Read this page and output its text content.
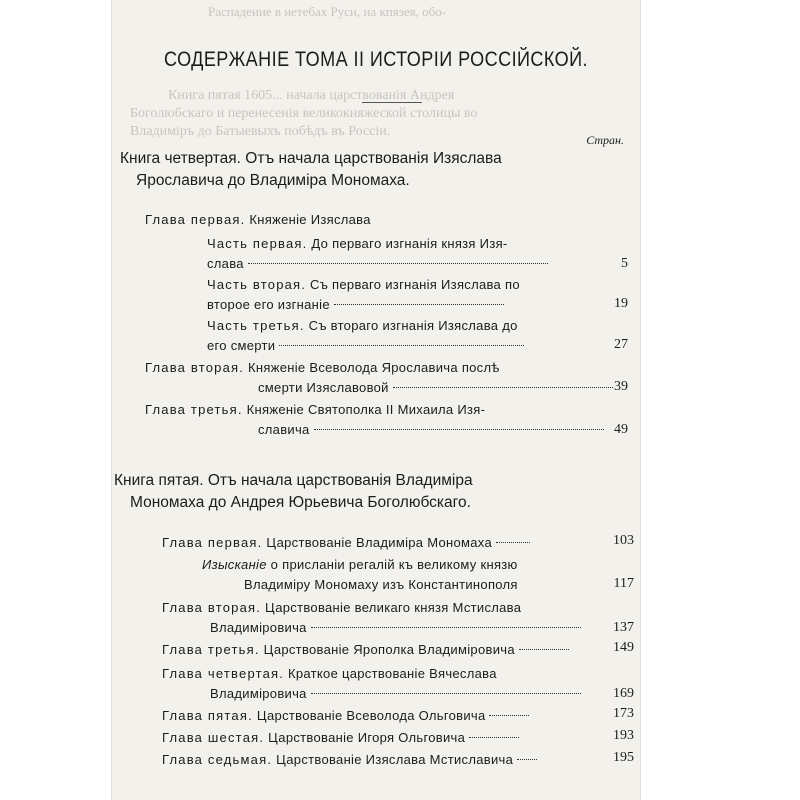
Распадеиие в иетебах Руси, на кпязея, обо-
Книга пятая 1605... начала царствованія Андрея
Боголюбскаго и перенесенія великокняжеской столицы во
Владиміръ до Батыевыхъ побѣдъ въ Россіи.
СОДЕРЖАНІЕ ТОМА II ИСТОРІИ РОССІЙСКОЙ.
Стран.
Книга четвертая. Отъ начала царствованія Изяслава
Ярославича до Владиміра Мономаха.
Глава первая. Княженіе Изяслава
Часть первая. До первагo изгнанія князя Изя-
слава	5
Часть вторая. Съ перваго изгнанія Изяслава по
второе его изгнаніе	19
Часть третья. Съ втораго изгнанія Изяслава до
его смерти	27
Глава вторая. Княженіе Всеволода Ярославича послѣ
смерти Изяславовой	39
Глава третья. Княженіе Святополка II Михаила Изя-
славича	49
Книга пятая. Отъ начала царствованія Владиміра
Мономаха до Андрея Юрьевича Боголюбскаго.
Глава первая. Царствованіе Владиміра Мономаха	103
Изысканіе о присланіи регалій къ великому князю
Владиміру Мономаху изъ Константинополя	117
Глава вторая. Царствованіе великаго князя Мстислава
Владиміровича	137
Глава третья. Царствованіе Ярополка Владиміровича	149
Глава четвертая. Краткое царствованіе Вячеслава
Владиміровича	169
Глава пятая. Царствованіе Всеволода Ольговича	173
Глава шестая. Царствованіе Игоря Ольговича	193
Глава седьмая. Царствованіе Изяслава Мстиславича	195
